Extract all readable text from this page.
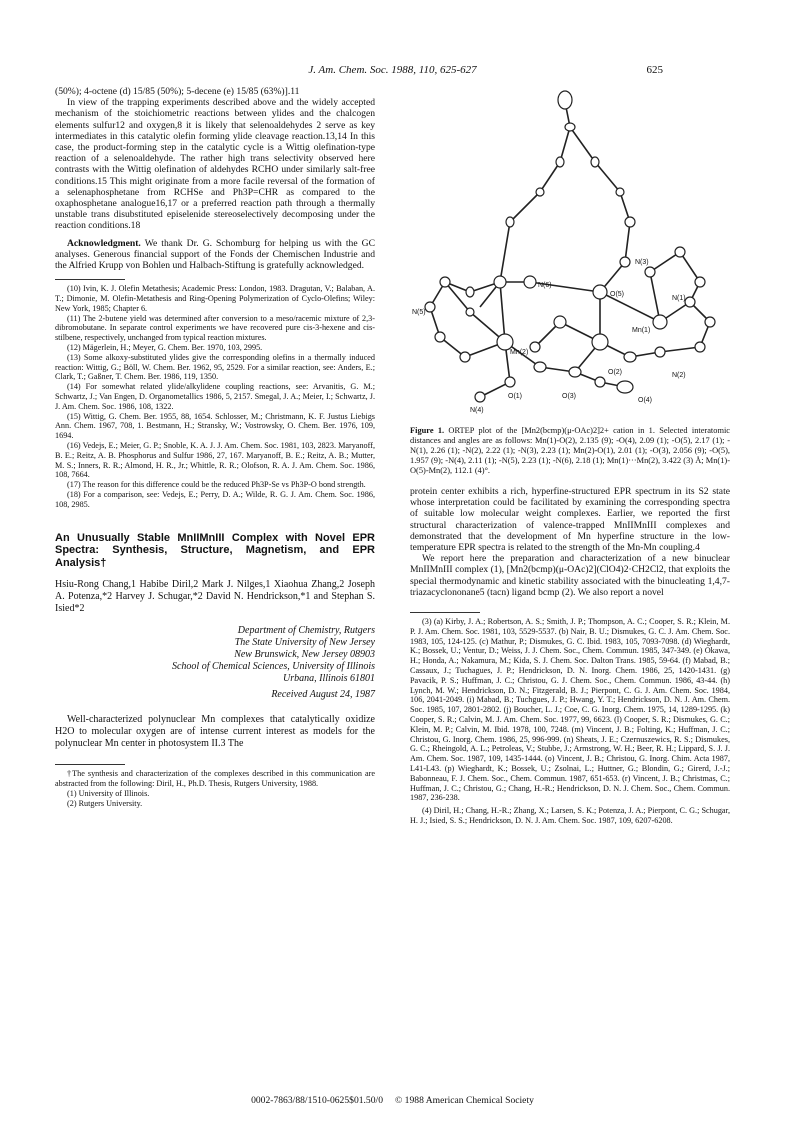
J. Am. Chem. Soc. 1988, 110, 625-627	625

(50%); 4-octene (d) 15/85 (50%); 5-decene (e) 15/85 (63%)].11

In view of the trapping experiments described above and the widely accepted mechanism of the stoichiometric reactions between ylides and the chalcogen elements sulfur12 and oxygen,8 it is likely that selenoaldehydes 2 serve as key intermediates in this catalytic olefin forming ylide cleavage reaction.13,14 In this case, the product-forming step in the catalytic cycle is a Wittig olefination-type reaction of a selenoaldehyde. The rather high trans selectivity observed here contrasts with the Wittig olefination of aldehydes RCHO under similarly salt-free conditions.15 This might originate from a more facile reversal of the formation of a selenaphosphetane from RCHSe and Ph3P=CHR as compared to the oxaphosphetane analogue16,17 or a preferred reaction path through a thermally unstable trans disubstituted episelenide stereoselectively decomposing under the reaction conditions.18

Acknowledgment. We thank Dr. G. Schomburg for helping us with the GC analyses. Generous financial support of the Fonds der Chemischen Industrie and the Alfried Krupp von Bohlen und Halbach-Stiftung is gratefully acknowledged.

(10) Ivin, K. J. Olefin Metathesis; Academic Press: London, 1983. Dragutan, V.; Balaban, A. T.; Dimonie, M. Olefin-Metathesis and Ring-Opening Polymerization of Cyclo-Olefins; Wiley: New York, 1985; Chapter 6.

(11) The 2-butene yield was determined after conversion to a meso/racemic mixture of 2,3-dibromobutane. In separate control experiments we have recovered pure cis-3-hexene and cis-stilbene, respectively, unchanged from typical reaction mixtures.

(12) Mägerlein, H.; Meyer, G. Chem. Ber. 1970, 103, 2995.

(13) Some alkoxy-substituted ylides give the corresponding olefins in a thermally induced reaction: Wittig, G.; Böll, W. Chem. Ber. 1962, 95, 2529. For a similar reaction, see: Anders, E.; Clark, T.; Gaßner, T. Chem. Ber. 1986, 119, 1350.

(14) For somewhat related ylide/alkylidene coupling reactions, see: Arvanitis, G. M.; Schwartz, J.; Van Engen, D. Organometallics 1986, 5, 2157. Smegal, J. A.; Meier, I.; Schwartz, J. J. Am. Chem. Soc. 1986, 108, 1322.

(15) Wittig, G. Chem. Ber. 1955, 88, 1654. Schlosser, M.; Christmann, K. F. Justus Liebigs Ann. Chem. 1967, 708, 1. Bestmann, H.; Stransky, W.; Vostrowsky, O. Chem. Ber. 1976, 109, 1694.

(16) Vedejs, E.; Meier, G. P.; Snoble, K. A. J. J. Am. Chem. Soc. 1981, 103, 2823. Maryanoff, B. E.; Reitz, A. B. Phosphorus and Sulfur 1986, 27, 167. Maryanoff, B. E.; Reitz, A. B.; Mutter, M. S.; Inners, R. R.; Almond, H. R., Jr.; Whittle, R. R.; Olofson, R. A. J. Am. Chem. Soc. 1986, 108, 7664.

(17) The reason for this difference could be the reduced Ph3P-Se vs Ph3P-O bond strength.

(18) For a comparison, see: Vedejs, E.; Perry, D. A.; Wilde, R. G. J. Am. Chem. Soc. 1986, 108, 2985.

An Unusually Stable MnIIMnIII Complex with Novel EPR Spectra: Synthesis, Structure, Magnetism, and EPR Analysis†
Hsiu-Rong Chang,1 Habibe Diril,2 Mark J. Nilges,1 Xiaohua Zhang,2 Joseph A. Potenza,*2 Harvey J. Schugar,*2 David N. Hendrickson,*1 and Stephan S. Isied*2
Department of Chemistry, Rutgers
The State University of New Jersey
New Brunswick, New Jersey 08903
School of Chemical Sciences, University of Illinois
Urbana, Illinois 61801
Received August 24, 1987

Well-characterized polynuclear Mn complexes that catalytically oxidize H2O to molecular oxygen are of intense current interest as models for the polynuclear Mn center in photosystem II.3 The

†The synthesis and characterization of the complexes described in this communication are abstracted from the following: Diril, H., Ph.D. Thesis, Rutgers University, 1988.

(1) University of Illinois.

(2) Rutgers University.

N(3)
N(6)
O(5)
N(1)
N(5)
Mn(1)
Mn(2)
O(2)	N(2)
O(1)	O(3)
O(4)
N(4)

Figure 1. ORTEP plot of the [Mn2(bcmp)(μ-OAc)2]2+ cation in 1. Selected interatomic distances and angles are as follows: Mn(1)-O(2), 2.135 (9); -O(4), 2.09 (1); -O(5), 2.17 (1); -N(1), 2.26 (1); -N(2), 2.22 (1); -N(3), 2.23 (1); Mn(2)-O(1), 2.01 (1); -O(3), 2.056 (9); -O(5), 1.957 (9); -N(4), 2.11 (1); -N(5), 2.23 (1); -N(6), 2.18 (1); Mn(1)···Mn(2), 3.422 (3) Å; Mn(1)-O(5)-Mn(2), 112.1 (4)°.

protein center exhibits a rich, hyperfine-structured EPR spectrum in its S2 state whose interpretation could be facilitated by examining the corresponding spectra of suitable low molecular weight complexes. Earlier, we reported the first structural characterization of valence-trapped MnIIMnIII complexes and demonstrated that the development of Mn hyperfine structure in the low-temperature EPR spectra is related to the strength of the Mn-Mn coupling.4

We report here the preparation and characterization of a new binuclear MnIIMnIII complex (1), [Mn2(bcmp)(μ-OAc)2](ClO4)2·CH2Cl2, that exploits the special thermodynamic and kinetic stability associated with the binucleating 1,4,7-triazacyclononane5 (tacn) ligand bcmp (2). We also report a novel

(3) (a) Kirby, J. A.; Robertson, A. S.; Smith, J. P.; Thompson, A. C.; Cooper, S. R.; Klein, M. P. J. Am. Chem. Soc. 1981, 103, 5529-5537. (b) Nair, B. U.; Dismukes, G. C. J. Am. Chem. Soc. 1983, 105, 124-125. (c) Mathur, P.; Dismukes, G. C. Ibid. 1983, 105, 7093-7098. (d) Wieghardt, K.; Bossek, U.; Ventur, D.; Weiss, J. J. Chem. Soc., Chem. Commun. 1985, 347-349. (e) Okawa, H.; Honda, A.; Nakamura, M.; Kida, S. J. Chem. Soc. Dalton Trans. 1985, 59-64. (f) Mabad, B.; Cassaux, J.; Tuchagues, J. P.; Hendrickson, D. N. Inorg. Chem. 1986, 25, 1420-1431. (g) Pavacik, P. S.; Huffman, J. C.; Christou, G. J. Chem. Soc., Chem. Commun. 1986, 43-44. (h) Lynch, M. W.; Hendrickson, D. N.; Fitzgerald, B. J.; Pierpont, C. G. J. Am. Chem. Soc. 1984, 106, 2041-2049. (i) Mabad, B.; Tuchgues, J. P.; Hwang, Y. T.; Hendrickson, D. N. J. Am. Chem. Soc. 1985, 107, 2801-2802. (j) Boucher, L. J.; Coe, C. G. Inorg. Chem. 1975, 14, 1289-1295. (k) Cooper, S. R.; Calvin, M. J. Am. Chem. Soc. 1977, 99, 6623. (l) Cooper, S. R.; Dismukes, G. C.; Klein, M. P.; Calvin, M. Ibid. 1978, 100, 7248. (m) Vincent, J. B.; Folting, K.; Huffman, J. C.; Christou, G. Inorg. Chem. 1986, 25, 996-999. (n) Sheats, J. E.; Czernuszewics, R. S.; Dismukes, G. C.; Rheingold, A. L.; Petroleas, V.; Stubbe, J.; Armstrong, W. H.; Beer, R. H.; Lippard, S. J. J. Am. Chem. Soc. 1987, 109, 1435-1444. (o) Vincent, J. B.; Christou, G. Inorg. Chim. Acta 1987, L41-L43. (p) Wieghardt, K.; Bossek, U.; Zsolnai, L.; Huttner, G.; Blondin, G.; Girerd, J.-J.; Babonneau, F. J. Chem. Soc., Chem. Commun. 1987, 651-653. (r) Vincent, J. B.; Christmas, C.; Huffman, J. C.; Christou, G.; Chang, H.-R.; Hendrickson, D. N. J. Chem. Soc., Chem. Commun. 1987, 236-238.

(4) Diril, H.; Chang, H.-R.; Zhang, X.; Larsen, S. K.; Potenza, J. A.; Pierpont, C. G.; Schugar, H. J.; Isied, S. S.; Hendrickson, D. N. J. Am. Chem. Soc. 1987, 109, 6207-6208.

0002-7863/88/1510-0625$01.50/0 © 1988 American Chemical Society
